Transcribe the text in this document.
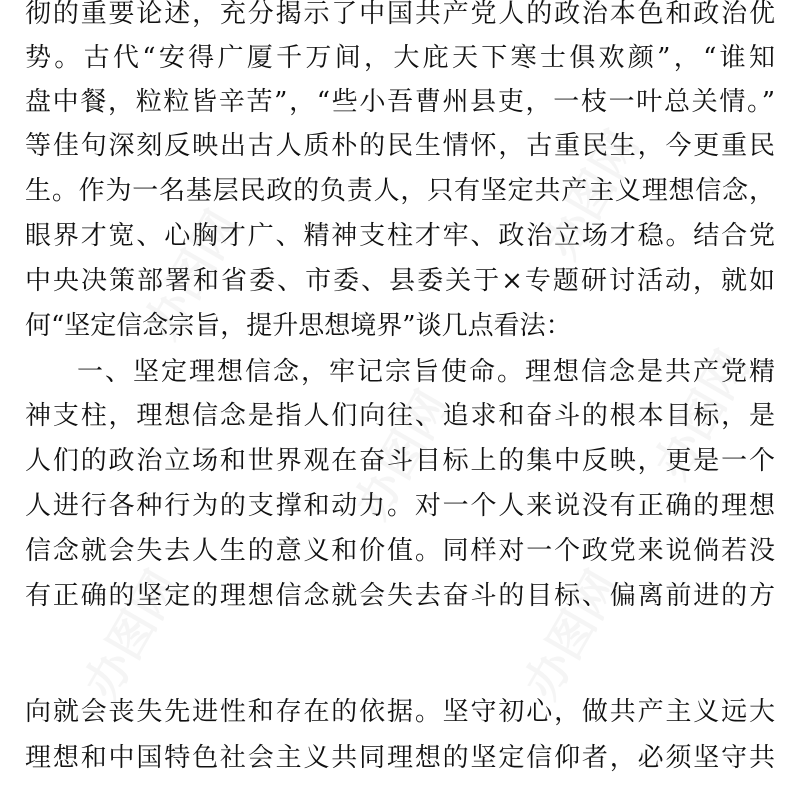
彻的重要论述，充分揭示了中国共产党人的政治本色和政治优
势。古代“安得广厦千万间，大庇天下寒士俱欢颜”，“谁知
盘中餐，粒粒皆辛苦”，“些小吾曹州县吏，一枝一叶总关情。”
等佳句深刻反映出古人质朴的民生情怀，古重民生，今更重民
生。作为一名基层民政的负责人，只有坚定共产主义理想信念，
眼界才宽、心胸才广、精神支柱才牢、政治立场才稳。结合党
中央决策部署和省委、市委、县委关于×专题研讨活动，就如
何“坚定信念宗旨，提升思想境界”谈几点看法：
一、坚定理想信念，牢记宗旨使命。理想信念是共产党精
神支柱，理想信念是指人们向往、追求和奋斗的根本目标，是
人们的政治立场和世界观在奋斗目标上的集中反映，更是一个
人进行各种行为的支撑和动力。对一个人来说没有正确的理想
信念就会失去人生的意义和价值。同样对一个政党来说倘若没
有正确的坚定的理想信念就会失去奋斗的目标、偏离前进的方
向就会丧失先进性和存在的依据。坚守初心，做共产主义远大
理想和中国特色社会主义共同理想的坚定信仰者，必须坚守共
办图网
办图网
办图网
办图网	办图网
办图网
